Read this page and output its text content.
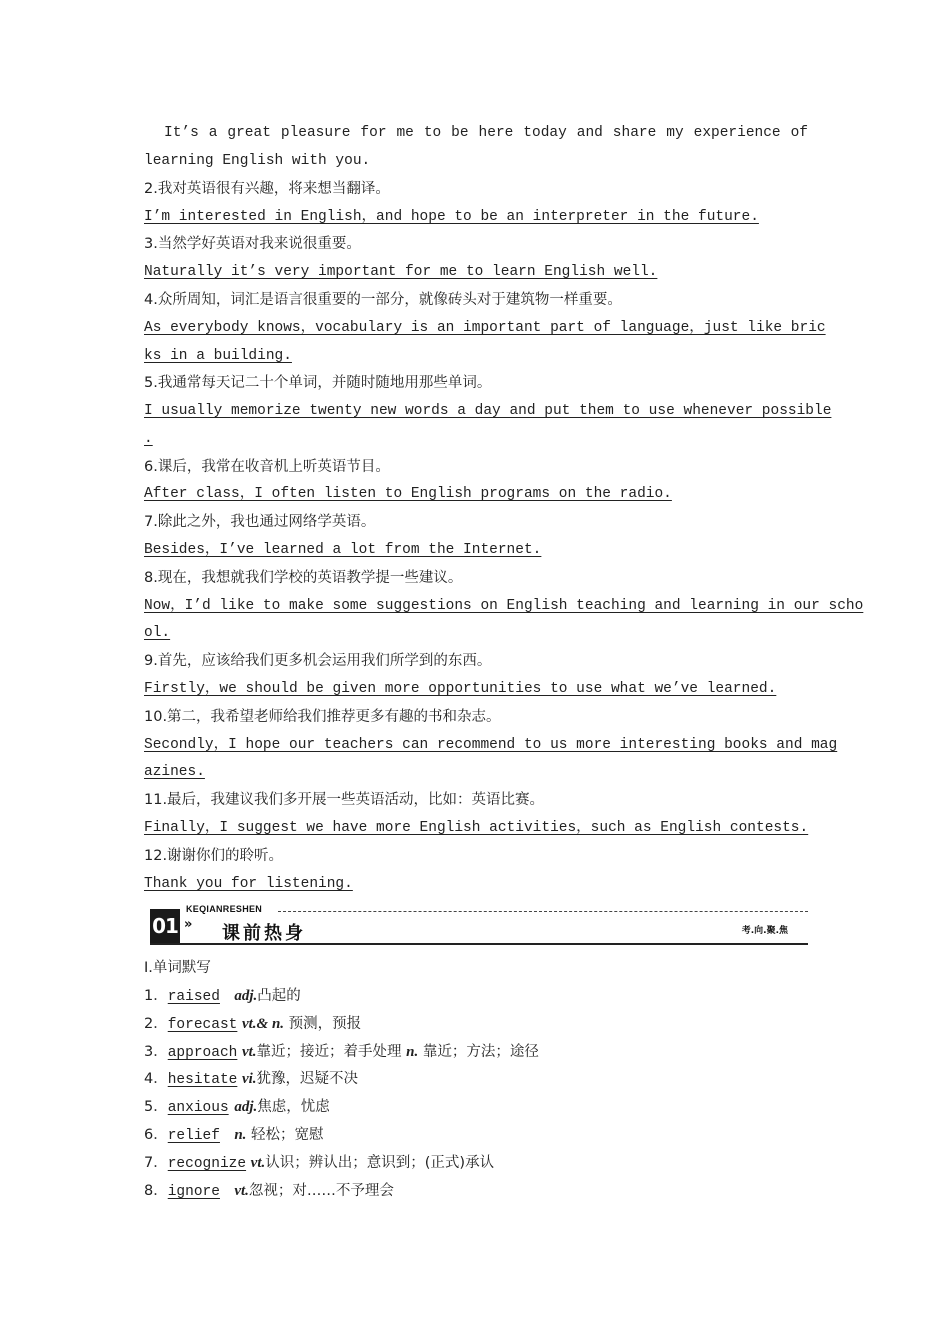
It’s a great pleasure for me to be here today and share my experience of
learning English with you.
2.我对英语很有兴趣，将来想当翻译。
I’m interested in English，and hope to be an interpreter in the future.
3.当然学好英语对我来说很重要。
Naturally it’s very important for me to learn English well.
4.众所周知，词汇是语言很重要的一部分，就像砖头对于建筑物一样重要。
As everybody knows，vocabulary is an important part of language，just like bric
ks in a building.
5.我通常每天记二十个单词，并随时随地用那些单词。
I usually memorize twenty new words a day and put them to use whenever possible
.
6.课后，我常在收音机上听英语节目。
After class，I often listen to English programs on the radio.
7.除此之外，我也通过网络学英语。
Besides，I’ve learned a lot from the Internet.
8.现在，我想就我们学校的英语教学提一些建议。
Now，I’d like to make some suggestions on English teaching and learning in our scho
ol.
9.首先，应该给我们更多机会运用我们所学到的东西。
Firstly，we should be given more opportunities to use what we’ve learned.
10.第二，我希望老师给我们推荐更多有趣的书和杂志。
Secondly，I hope our teachers can recommend to us more interesting books and mag
azines.
11.最后，我建议我们多开展一些英语活动，比如：英语比赛。
Finally，I suggest we have more English activities，such as English contests.
12.谢谢你们的聆听。
Thank you for listening.
01
KEQIANRESHEN
» 课前热身	考.向.聚.焦
Ⅰ.单词默写
1．raised adj.凸起的
2．forecast vt.& n. 预测，预报
3．approach vt.靠近；接近；着手处理 n. 靠近；方法；途径
4．hesitate vi.犹豫，迟疑不决
5．anxious adj.焦虑，忧虑
6．relief n. 轻松；宽慰
7．recognize vt.认识；辨认出；意识到；(正式)承认
8．ignore vt.忽视；对……不予理会
